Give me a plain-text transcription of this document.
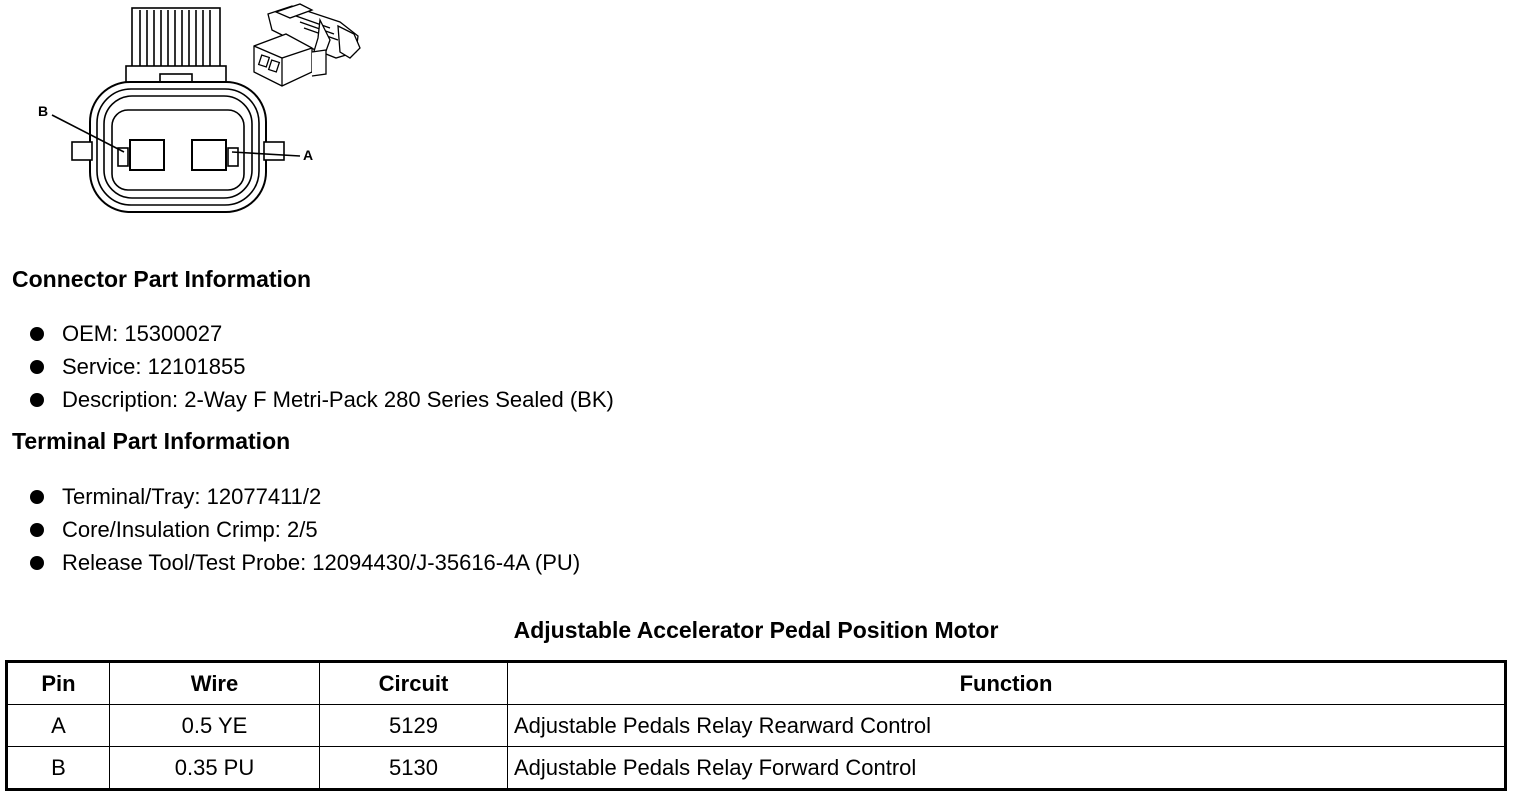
B
A
Connector Part Information
OEM: 15300027
Service: 12101855
Description: 2-Way F Metri-Pack 280 Series Sealed (BK)
Terminal Part Information
Terminal/Tray: 12077411/2
Core/Insulation Crimp: 2/5
Release Tool/Test Probe: 12094430/J-35616-4A (PU)
Adjustable Accelerator Pedal Position Motor
Pin	Wire	Circuit	Function
A	0.5 YE	5129	Adjustable Pedals Relay Rearward Control
B	0.35 PU	5130	Adjustable Pedals Relay Forward Control
